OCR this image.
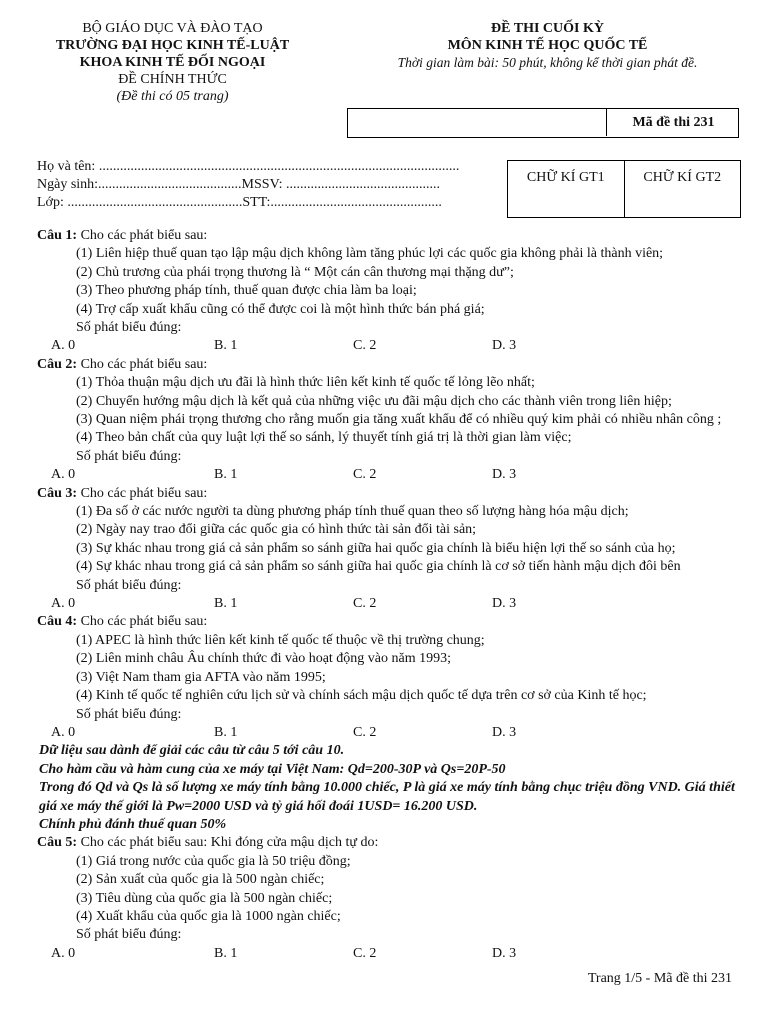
BỘ GIÁO DỤC VÀ ĐÀO TẠO
TRƯỜNG ĐẠI HỌC KINH TẾ-LUẬT
KHOA KINH TẾ ĐỐI NGOẠI
ĐỀ CHÍNH THỨC
(Đề thi có 05 trang)
ĐỀ THI CUỐI KỲ
MÔN KINH TẾ HỌC QUỐC TẾ
Thời gian làm bài: 50 phút, không kể thời gian phát đề.
Mã đề thi 231
Họ và tên: .......................................................................................................
Ngày sinh:.........................................MSSV: ............................................
Lớp: ..................................................STT:.................................................
CHỮ KÍ GT1	CHỮ KÍ GT2
Câu 1: Cho các phát biểu sau:
(1) Liên hiệp thuế quan tạo lập mậu dịch không làm tăng phúc lợi các quốc gia không phải là thành viên;
(2) Chủ trương của phái trọng thương là “ Một cán cân thương mại thặng dư”;
(3) Theo phương pháp tính, thuế quan được chia làm ba loại;
(4) Trợ cấp xuất khẩu cũng có thể được coi là một hình thức bán phá giá;
Số phát biểu đúng:
A. 0	B. 1	C. 2	D. 3
Câu 2: Cho các phát biểu sau:
(1) Thỏa thuận mậu dịch ưu đãi là hình thức liên kết kinh tế quốc tế lỏng lẽo nhất;
(2) Chuyển hướng mậu dịch là kết quả của những việc ưu đãi mậu dịch cho các thành viên trong liên hiệp;
(3) Quan niệm phái trọng thương cho rằng muốn gia tăng xuất khẩu để có nhiều quý kim phải có nhiều nhân công ;
(4) Theo bản chất của quy luật lợi thế so sánh, lý thuyết tính giá trị là thời gian làm việc;
Số phát biểu đúng:
A. 0	B. 1	C. 2	D. 3
Câu 3: Cho các phát biểu sau:
(1) Đa số ở các nước người ta dùng phương pháp tính thuế quan theo số lượng hàng hóa mậu dịch;
(2) Ngày nay trao đổi giữa các quốc gia có hình thức tài sản đổi tài sản;
(3) Sự khác nhau trong giá cả sản phẩm so sánh giữa hai quốc gia chính là biểu hiện lợi thế so sánh của họ;
(4) Sự khác nhau trong giá cả sản phẩm so sánh giữa hai quốc gia chính là cơ sở tiến hành mậu dịch đôi bên
Số phát biểu đúng:
A. 0	B. 1	C. 2	D. 3
Câu 4: Cho các phát biểu sau:
(1) APEC là hình thức liên kết kinh tế quốc tế thuộc về thị trường chung;
(2) Liên minh châu Âu chính thức đi vào hoạt động vào năm 1993;
(3) Việt Nam tham gia AFTA vào năm 1995;
(4) Kinh tế quốc tế nghiên cứu lịch sử và chính sách mậu dịch quốc tế dựa trên cơ sở của Kinh tế học;
Số phát biểu đúng:
A. 0	B. 1	C. 2	D. 3
Dữ liệu sau dành để giải các câu từ câu 5 tới câu 10.
Cho hàm cầu và hàm cung của xe máy tại Việt Nam: Qd=200-30P và Qs=20P-50
Trong đó Qd và Qs là số lượng xe máy tính bằng 10.000 chiếc, P là giá xe máy tính bằng chục triệu đồng VND. Giá thiết giá xe máy thế giới là Pw=2000 USD và tỷ giá hối đoái 1USD= 16.200 USD.
Chính phủ đánh thuế quan 50%
Câu 5: Cho các phát biểu sau: Khi đóng cửa mậu dịch tự do:
(1) Giá trong nước của quốc gia là 50 triệu đồng;
(2) Sản xuất của quốc gia là 500 ngàn chiếc;
(3) Tiêu dùng của quốc gia là 500 ngàn chiếc;
(4) Xuất khẩu của quốc gia là 1000 ngàn chiếc;
Số phát biểu đúng:
A. 0	B. 1	C. 2	D. 3
Trang 1/5 - Mã đề thi 231
